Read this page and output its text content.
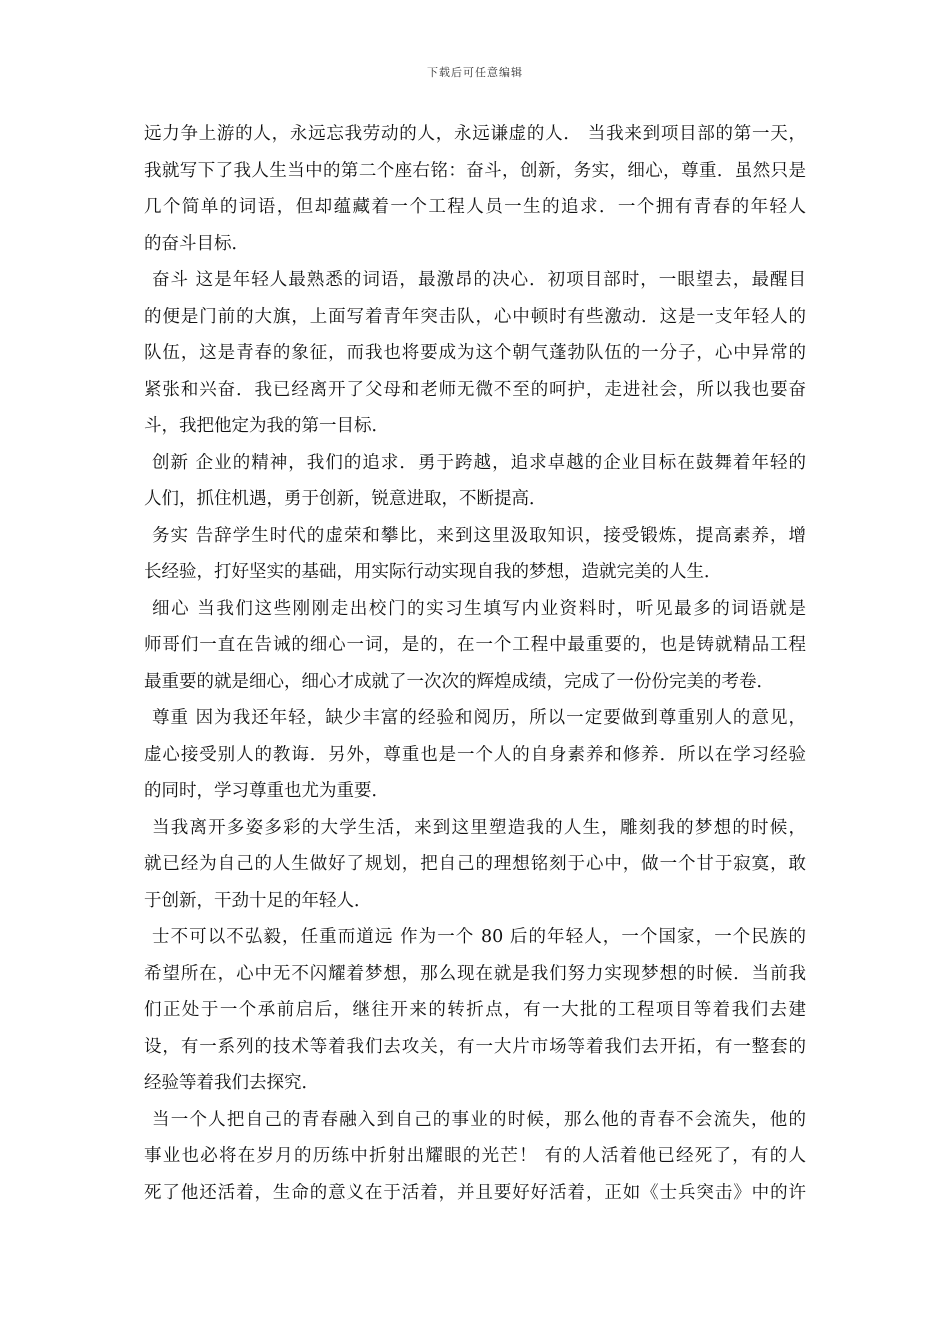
下载后可任意编辑
远力争上游的人，永远忘我劳动的人，永远谦虚的人． 当我来到项目部的第一天，
我就写下了我人生当中的第二个座右铭：奋斗，创新，务实，细心，尊重．虽然只是
几个简单的词语，但却蕴藏着一个工程人员一生的追求．一个拥有青春的年轻人
的奋斗目标．
奋斗 这是年轻人最熟悉的词语，最激昂的决心．初项目部时，一眼望去，最醒目
的便是门前的大旗，上面写着青年突击队，心中顿时有些激动．这是一支年轻人的
队伍，这是青春的象征，而我也将要成为这个朝气蓬勃队伍的一分子，心中异常的
紧张和兴奋．我已经离开了父母和老师无微不至的呵护，走进社会，所以我也要奋
斗，我把他定为我的第一目标．
创新 企业的精神，我们的追求．勇于跨越，追求卓越的企业目标在鼓舞着年轻的
人们，抓住机遇，勇于创新，锐意进取，不断提高．
务实 告辞学生时代的虚荣和攀比，来到这里汲取知识，接受锻炼，提高素养，增
长经验，打好坚实的基础，用实际行动实现自我的梦想，造就完美的人生．
细心 当我们这些刚刚走出校门的实习生填写内业资料时，听见最多的词语就是
师哥们一直在告诫的细心一词，是的，在一个工程中最重要的，也是铸就精品工程
最重要的就是细心，细心才成就了一次次的辉煌成绩，完成了一份份完美的考卷．
尊重 因为我还年轻，缺少丰富的经验和阅历，所以一定要做到尊重别人的意见，
虚心接受别人的教诲．另外，尊重也是一个人的自身素养和修养．所以在学习经验
的同时，学习尊重也尤为重要．
当我离开多姿多彩的大学生活，来到这里塑造我的人生，雕刻我的梦想的时候，
就已经为自己的人生做好了规划，把自己的理想铭刻于心中，做一个甘于寂寞，敢
于创新，干劲十足的年轻人．
士不可以不弘毅，任重而道远 作为一个 80 后的年轻人，一个国家，一个民族的
希望所在，心中无不闪耀着梦想，那么现在就是我们努力实现梦想的时候．当前我
们正处于一个承前启后，继往开来的转折点，有一大批的工程项目等着我们去建
设，有一系列的技术等着我们去攻关，有一大片市场等着我们去开拓，有一整套的
经验等着我们去探究．
当一个人把自己的青春融入到自己的事业的时候，那么他的青春不会流失，他的
事业也必将在岁月的历练中折射出耀眼的光芒！ 有的人活着他已经死了，有的人
死了他还活着，生命的意义在于活着，并且要好好活着，正如《士兵突击》中的许
